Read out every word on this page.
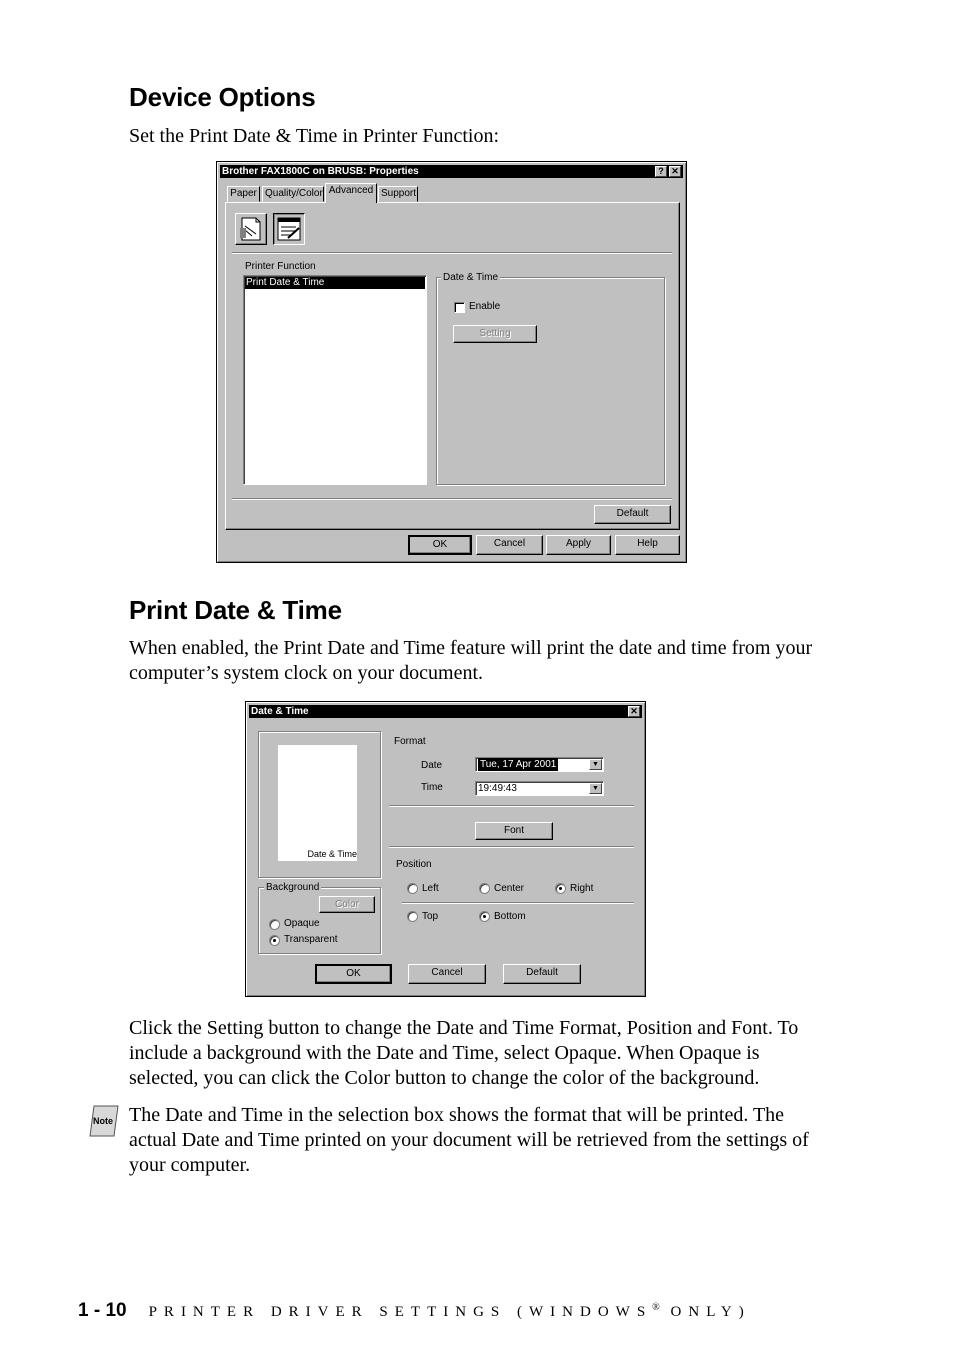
Device Options

Set the Print Date & Time in Printer Function:

Brother FAX1800C on BRUSB: Properties	? ✕
Paper Quality/Color Advanced Support
Printer Function
Print Date & Time	Date & Time
Enable
Setting
Default
OK	Cancel	Apply	Help
Print Date & Time

When enabled, the Print Date and Time feature will print the date and time from your computer’s system clock on your document.

Date & Time	✕
Date & Time
Background
Color
Opaque
Transparent
Format
Date	Tue, 17 Apr 2001	▼
Time	19:49:43	▼
Font
Position
Left	Center	Right
Top	Bottom
OK	Cancel	Default

Click the Setting button to change the Date and Time Format, Position and Font. To include a background with the Date and Time, select Opaque. When Opaque is selected, you can click the Color button to change the color of the background.

Note The Date and Time in the selection box shows the format that will be printed. The actual Date and Time printed on your document will be retrieved from the settings of your computer.

1 - 10 PRINTER DRIVER SETTINGS (WINDOWS® ONLY)
